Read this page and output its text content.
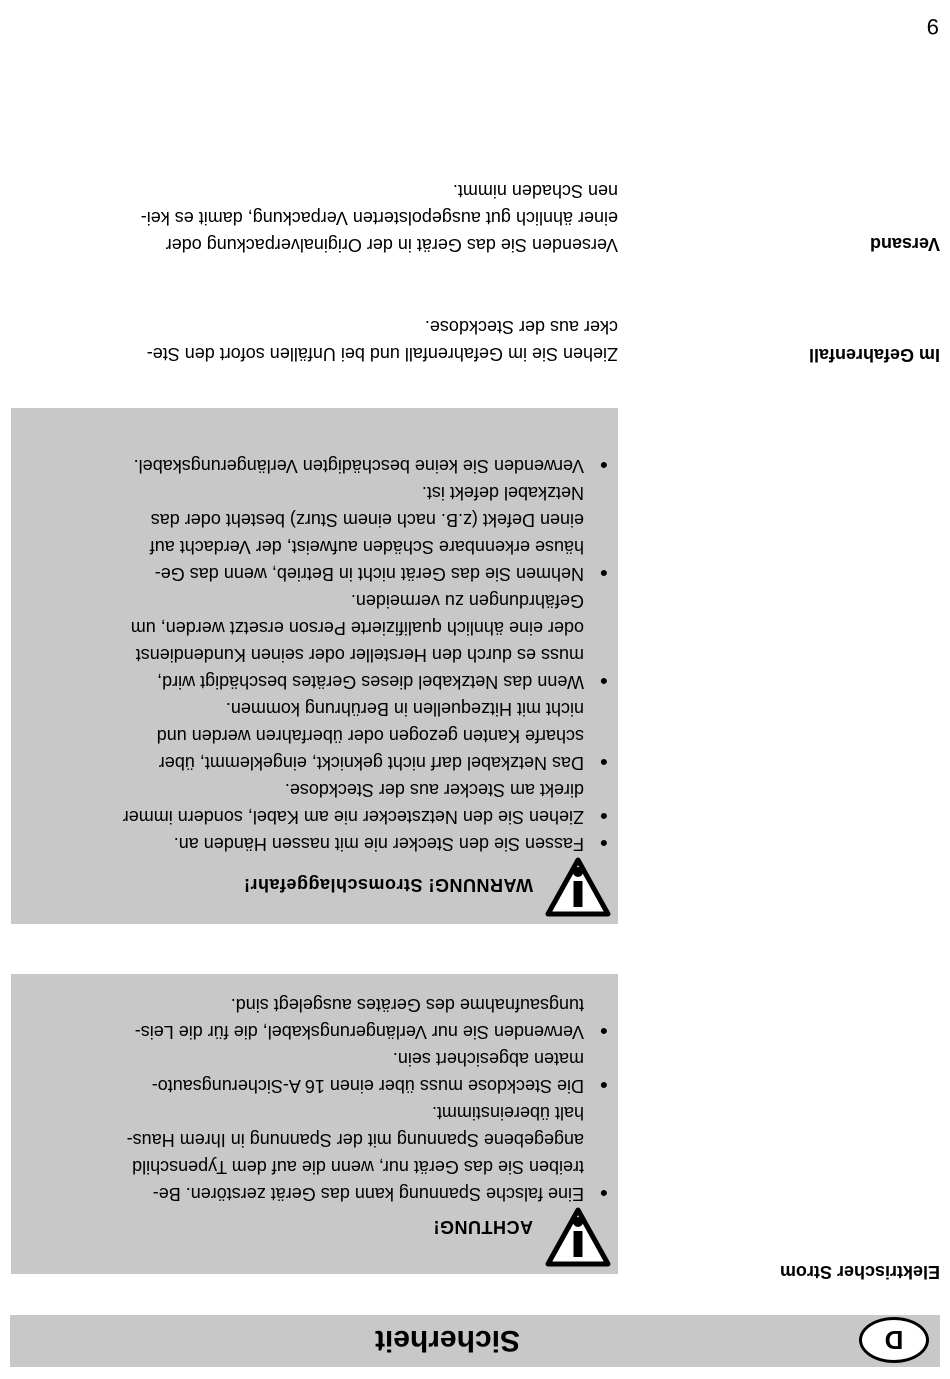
D
Sicherheit
Elektrischer Strom
ACHTUNG!
● Eine falsche Spannung kann das Gerät zerstören. Be-
treiben Sie das Gerät nur, wenn die auf dem Typenschild
angegebene Spannung mit der Spannung in Ihrem Haus-
halt übereinstimmt.
● Die Steckdose muss über einen 16 A-Sicherungsauto-
maten abgesichert sein.
● Verwenden Sie nur Verlängerungskabel, die für die Leis-
tungsaufnahme des Gerätes ausgelegt sind.
WARNUNG! Stromschlaggefahr!
● Fassen Sie den Stecker nie mit nassen Händen an.
● Ziehen Sie den Netzstecker nie am Kabel, sondern immer
direkt am Stecker aus der Steckdose.
● Das Netzkabel darf nicht geknickt, eingeklemmt, über
scharfe Kanten gezogen oder überfahren werden und
nicht mit Hitzequellen in Berührung kommen.
● Wenn das Netzkabel dieses Gerätes beschädigt wird,
muss es durch den Hersteller oder seinen Kundendienst
oder eine ähnlich qualifizierte Person ersetzt werden, um
Gefährdungen zu vermeiden.
● Nehmen Sie das Gerät nicht in Betrieb, wenn das Ge-
häuse erkennbare Schäden aufweist, der Verdacht auf
einen Defekt (z.B. nach einem Sturz) besteht oder das
Netzkabel defekt ist.
● Verwenden Sie keine beschädigten Verlängerungskabel.
Im Gefahrenfall
Ziehen Sie im Gefahrenfall und bei Unfällen sofort den Ste-
cker aus der Steckdose.
Versand
Versenden Sie das Gerät in der Originalverpackung oder
einer ähnlich gut ausgepolsterten Verpackung, damit es kei-
nen Schaden nimmt.
9
